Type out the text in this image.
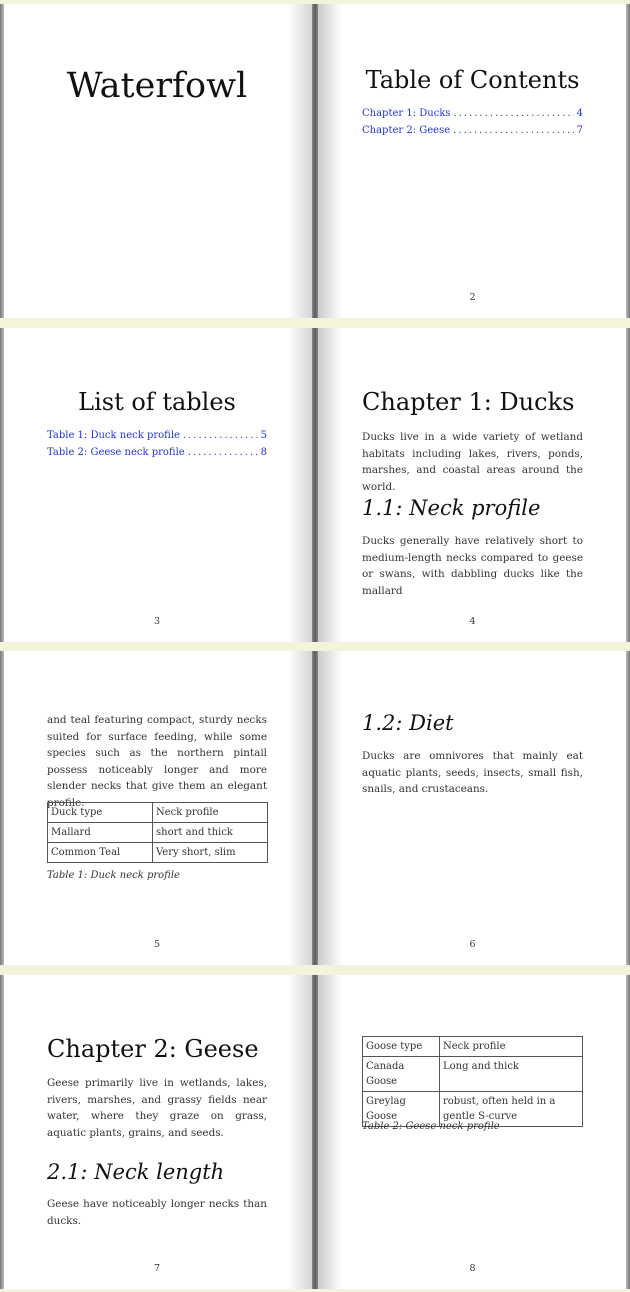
Waterfowl	Table of Contents
Chapter 1: Ducks .....	4
Chapter 2: Geese .....	7
2
List of tables
Table 1: Duck neck profile .....	5
Table 2: Geese neck profile .....	8
3
Chapter 1: Ducks

Ducks live in a wide variety of wetland habitats including lakes, rivers, ponds, marshes, and coastal areas around the world.

1.1: Neck profile

Ducks generally have relatively short to medium-length necks compared to geese or swans, with dabbling ducks like the mallard

4

and teal featuring compact, sturdy necks suited for surface feeding, while some species such as the northern pintail possess noticeably longer and more slender necks that give them an elegant profile.

Duck type	Neck profile
Mallard	short and thick
Common Teal	Very short, slim
Table 1: Duck neck profile
5
1.2: Diet

Ducks are omnivores that mainly eat aquatic plants, seeds, insects, small fish, snails, and crustaceans.

6
Chapter 2: Geese

Geese primarily live in wetlands, lakes, rivers, marshes, and grassy fields near water, where they graze on grass, aquatic plants, grains, and seeds.

2.1: Neck length

Geese have noticeably longer necks than ducks.

7
Goose type	Neck profile
Canada Goose	Long and thick
Greylag Goose	robust, often held in a gentle S-curve
Table 2: Geese neck profile
8
